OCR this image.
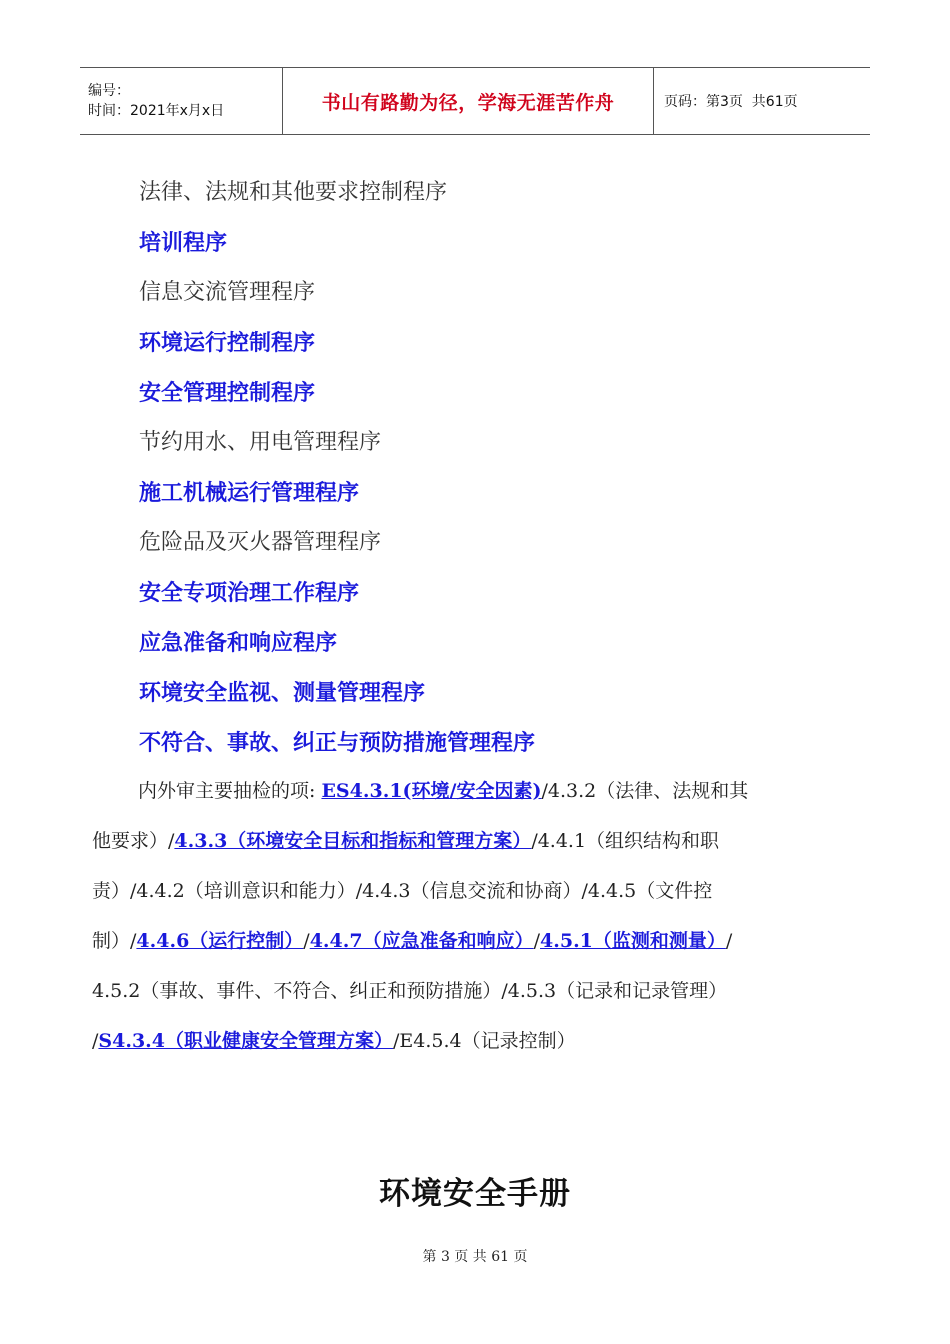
编号：
时间：2021年x月x日	书山有路勤为径，学海无涯苦作舟	页码：第3页  共61页
法律、法规和其他要求控制程序
培训程序
信息交流管理程序
环境运行控制程序
安全管理控制程序
节约用水、用电管理程序
施工机械运行管理程序
危险品及灭火器管理程序
安全专项治理工作程序
应急准备和响应程序
环境安全监视、测量管理程序
不符合、事故、纠正与预防措施管理程序
内外审主要抽检的项: ES4.3.1(环境/安全因素)/4.3.2（法律、法规和其
他要求）/4.3.3（环境安全目标和指标和管理方案）/4.4.1（组织结构和职
责）/4.4.2（培训意识和能力）/4.4.3（信息交流和协商）/4.4.5（文件控
制）/4.4.6（运行控制）/4.4.7（应急准备和响应）/4.5.1（监测和测量）/
4.5.2（事故、事件、不符合、纠正和预防措施）/4.5.3（记录和记录管理）
/S4.3.4（职业健康安全管理方案）/E4.5.4（记录控制）
环境安全手册
第 3 页 共 61 页
